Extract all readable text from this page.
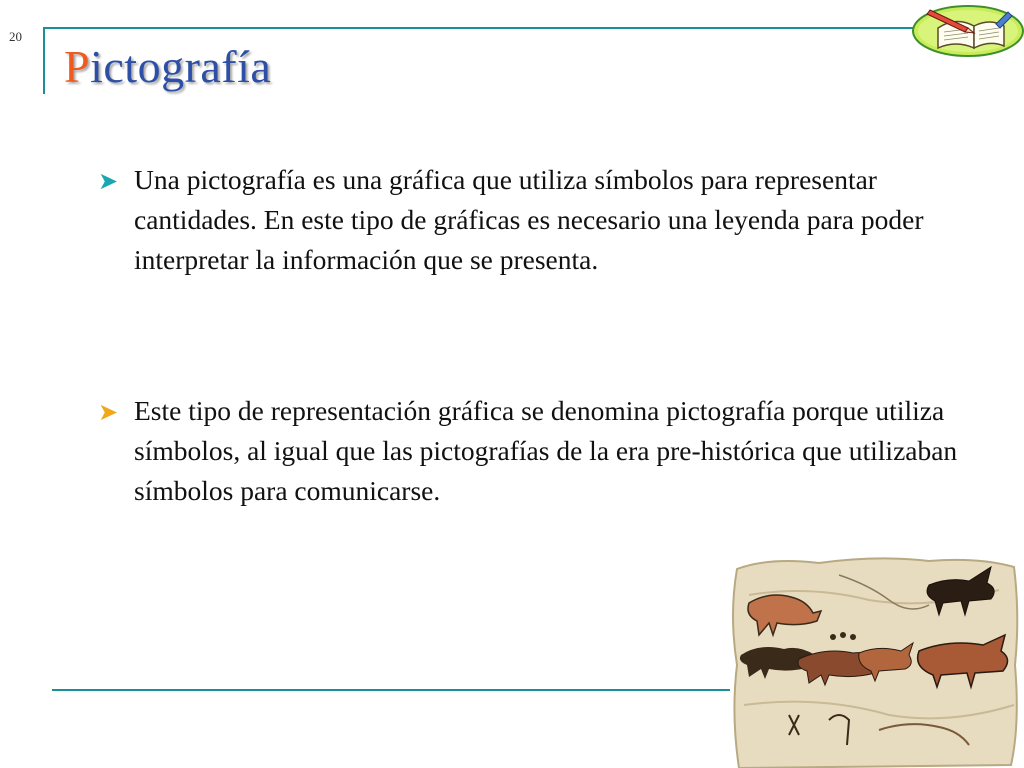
20
Pictografía
➤ Una pictografía es una gráfica que utiliza símbolos para representar cantidades. En este tipo de gráficas es necesario una leyenda para poder interpretar la información que se presenta.
➤ Este tipo de representación gráfica se denomina pictografía porque utiliza símbolos, al igual que las pictografías de la era pre-histórica que utilizaban símbolos para comunicarse.
